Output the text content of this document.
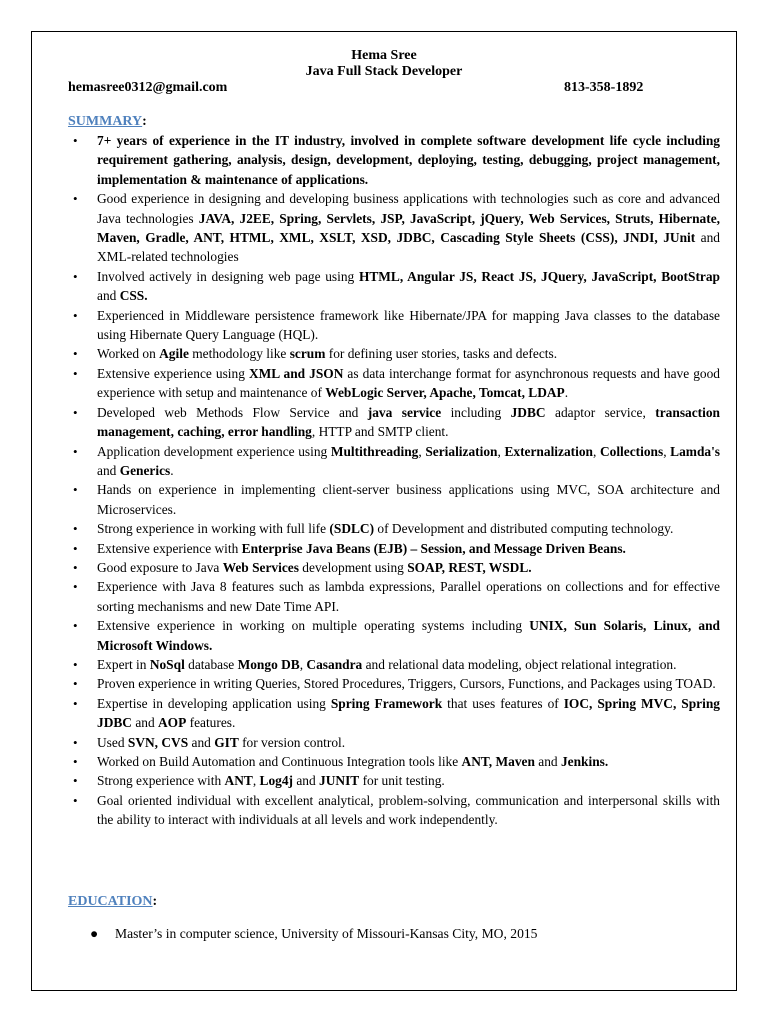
Hema Sree
Java Full Stack Developer
hemasree0312@gmail.com	813-358-1892
SUMMARY:
• 7+ years of experience in the IT industry, involved in complete software development life cycle including requirement gathering, analysis, design, development, deploying, testing, debugging, project management, implementation & maintenance of applications.
• Good experience in designing and developing business applications with technologies such as core and advanced Java technologies JAVA, J2EE, Spring, Servlets, JSP, JavaScript, jQuery, Web Services, Struts, Hibernate, Maven, Gradle, ANT, HTML, XML, XSLT, XSD, JDBC, Cascading Style Sheets (CSS), JNDI, JUnit and XML-related technologies
• Involved actively in designing web page using HTML, Angular JS, React JS, JQuery, JavaScript, BootStrap and CSS.
• Experienced in Middleware persistence framework like Hibernate/JPA for mapping Java classes to the database using Hibernate Query Language (HQL).
• Worked on Agile methodology like scrum for defining user stories, tasks and defects.
• Extensive experience using XML and JSON as data interchange format for asynchronous requests and have good experience with setup and maintenance of WebLogic Server, Apache, Tomcat, LDAP.
• Developed web Methods Flow Service and java service including JDBC adaptor service, transaction management, caching, error handling, HTTP and SMTP client.
• Application development experience using Multithreading, Serialization, Externalization, Collections, Lamda's and Generics.
• Hands on experience in implementing client-server business applications using MVC, SOA architecture and Microservices.
• Strong experience in working with full life (SDLC) of Development and distributed computing technology.
• Extensive experience with Enterprise Java Beans (EJB) – Session, and Message Driven Beans.
• Good exposure to Java Web Services development using SOAP, REST, WSDL.
• Experience with Java 8 features such as lambda expressions, Parallel operations on collections and for effective sorting mechanisms and new Date Time API.
• Extensive experience in working on multiple operating systems including UNIX, Sun Solaris, Linux, and Microsoft Windows.
• Expert in NoSql database Mongo DB, Casandra and relational data modeling, object relational integration.
• Proven experience in writing Queries, Stored Procedures, Triggers, Cursors, Functions, and Packages using TOAD.
• Expertise in developing application using Spring Framework that uses features of IOC, Spring MVC, Spring JDBC and AOP features.
• Used SVN, CVS and GIT for version control.
• Worked on Build Automation and Continuous Integration tools like ANT, Maven and Jenkins.
• Strong experience with ANT, Log4j and JUNIT for unit testing.
• Goal oriented individual with excellent analytical, problem-solving, communication and interpersonal skills with the ability to interact with individuals at all levels and work independently.
EDUCATION:
● Master’s in computer science, University of Missouri-Kansas City, MO, 2015
